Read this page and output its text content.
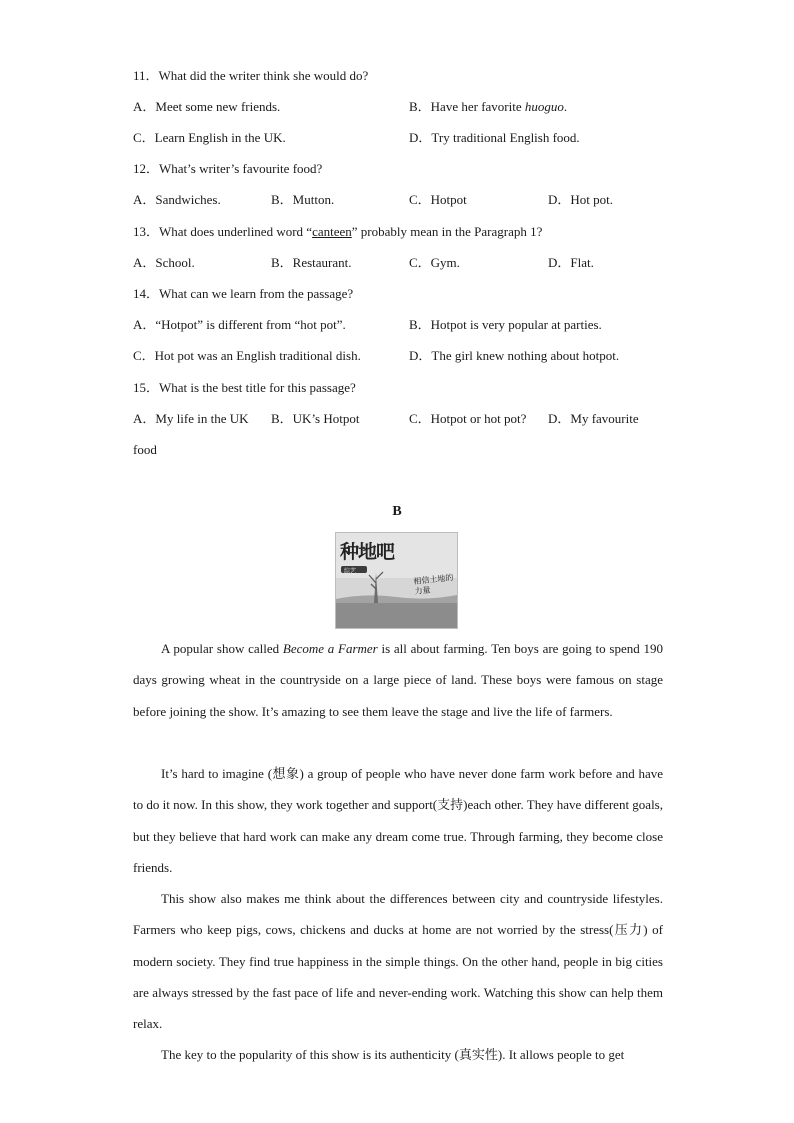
11．What did the writer think she would do?
A．Meet some new friends.	B．Have her favorite huoguo.
C．Learn English in the UK.	D．Try traditional English food.
12．What’s writer’s favourite food?
A．Sandwiches.	B．Mutton.	C．Hotpot	D．Hot pot.
13．What does underlined word “canteen” probably mean in the Paragraph 1?
A．School.	B．Restaurant.	C．Gym.	D．Flat.
14．What can we learn from the passage?
A．“Hotpot” is different from “hot pot”.	B．Hotpot is very popular at parties.
C．Hot pot was an English traditional dish.	D．The girl knew nothing about hotpot.
15．What is the best title for this passage?
A．My life in the UK B．UK’s Hotpot	C．Hotpot or hot pot? D．My favourite
food
B
种地吧
综艺
相信土地的力量
A popular show called Become a Farmer is all about farming. Ten boys are going to spend 190 days growing wheat in the countryside on a large piece of land. These boys were famous on stage before joining the show. It’s amazing to see them leave the stage and live the life of farmers.
It’s hard to imagine (想象) a group of people who have never done farm work before and have to do it now. In this show, they work together and support(支持)each other. They have different goals, but they believe that hard work can make any dream come true. Through farming, they become close friends.
This show also makes me think about the differences between city and countryside lifestyles. Farmers who keep pigs, cows, chickens and ducks at home are not worried by the stress(压力) of modern society. They find true happiness in the simple things. On the other hand, people in big cities are always stressed by the fast pace of life and never-ending work. Watching this show can help them relax.
The key to the popularity of this show is its authenticity (真实性). It allows people to get
